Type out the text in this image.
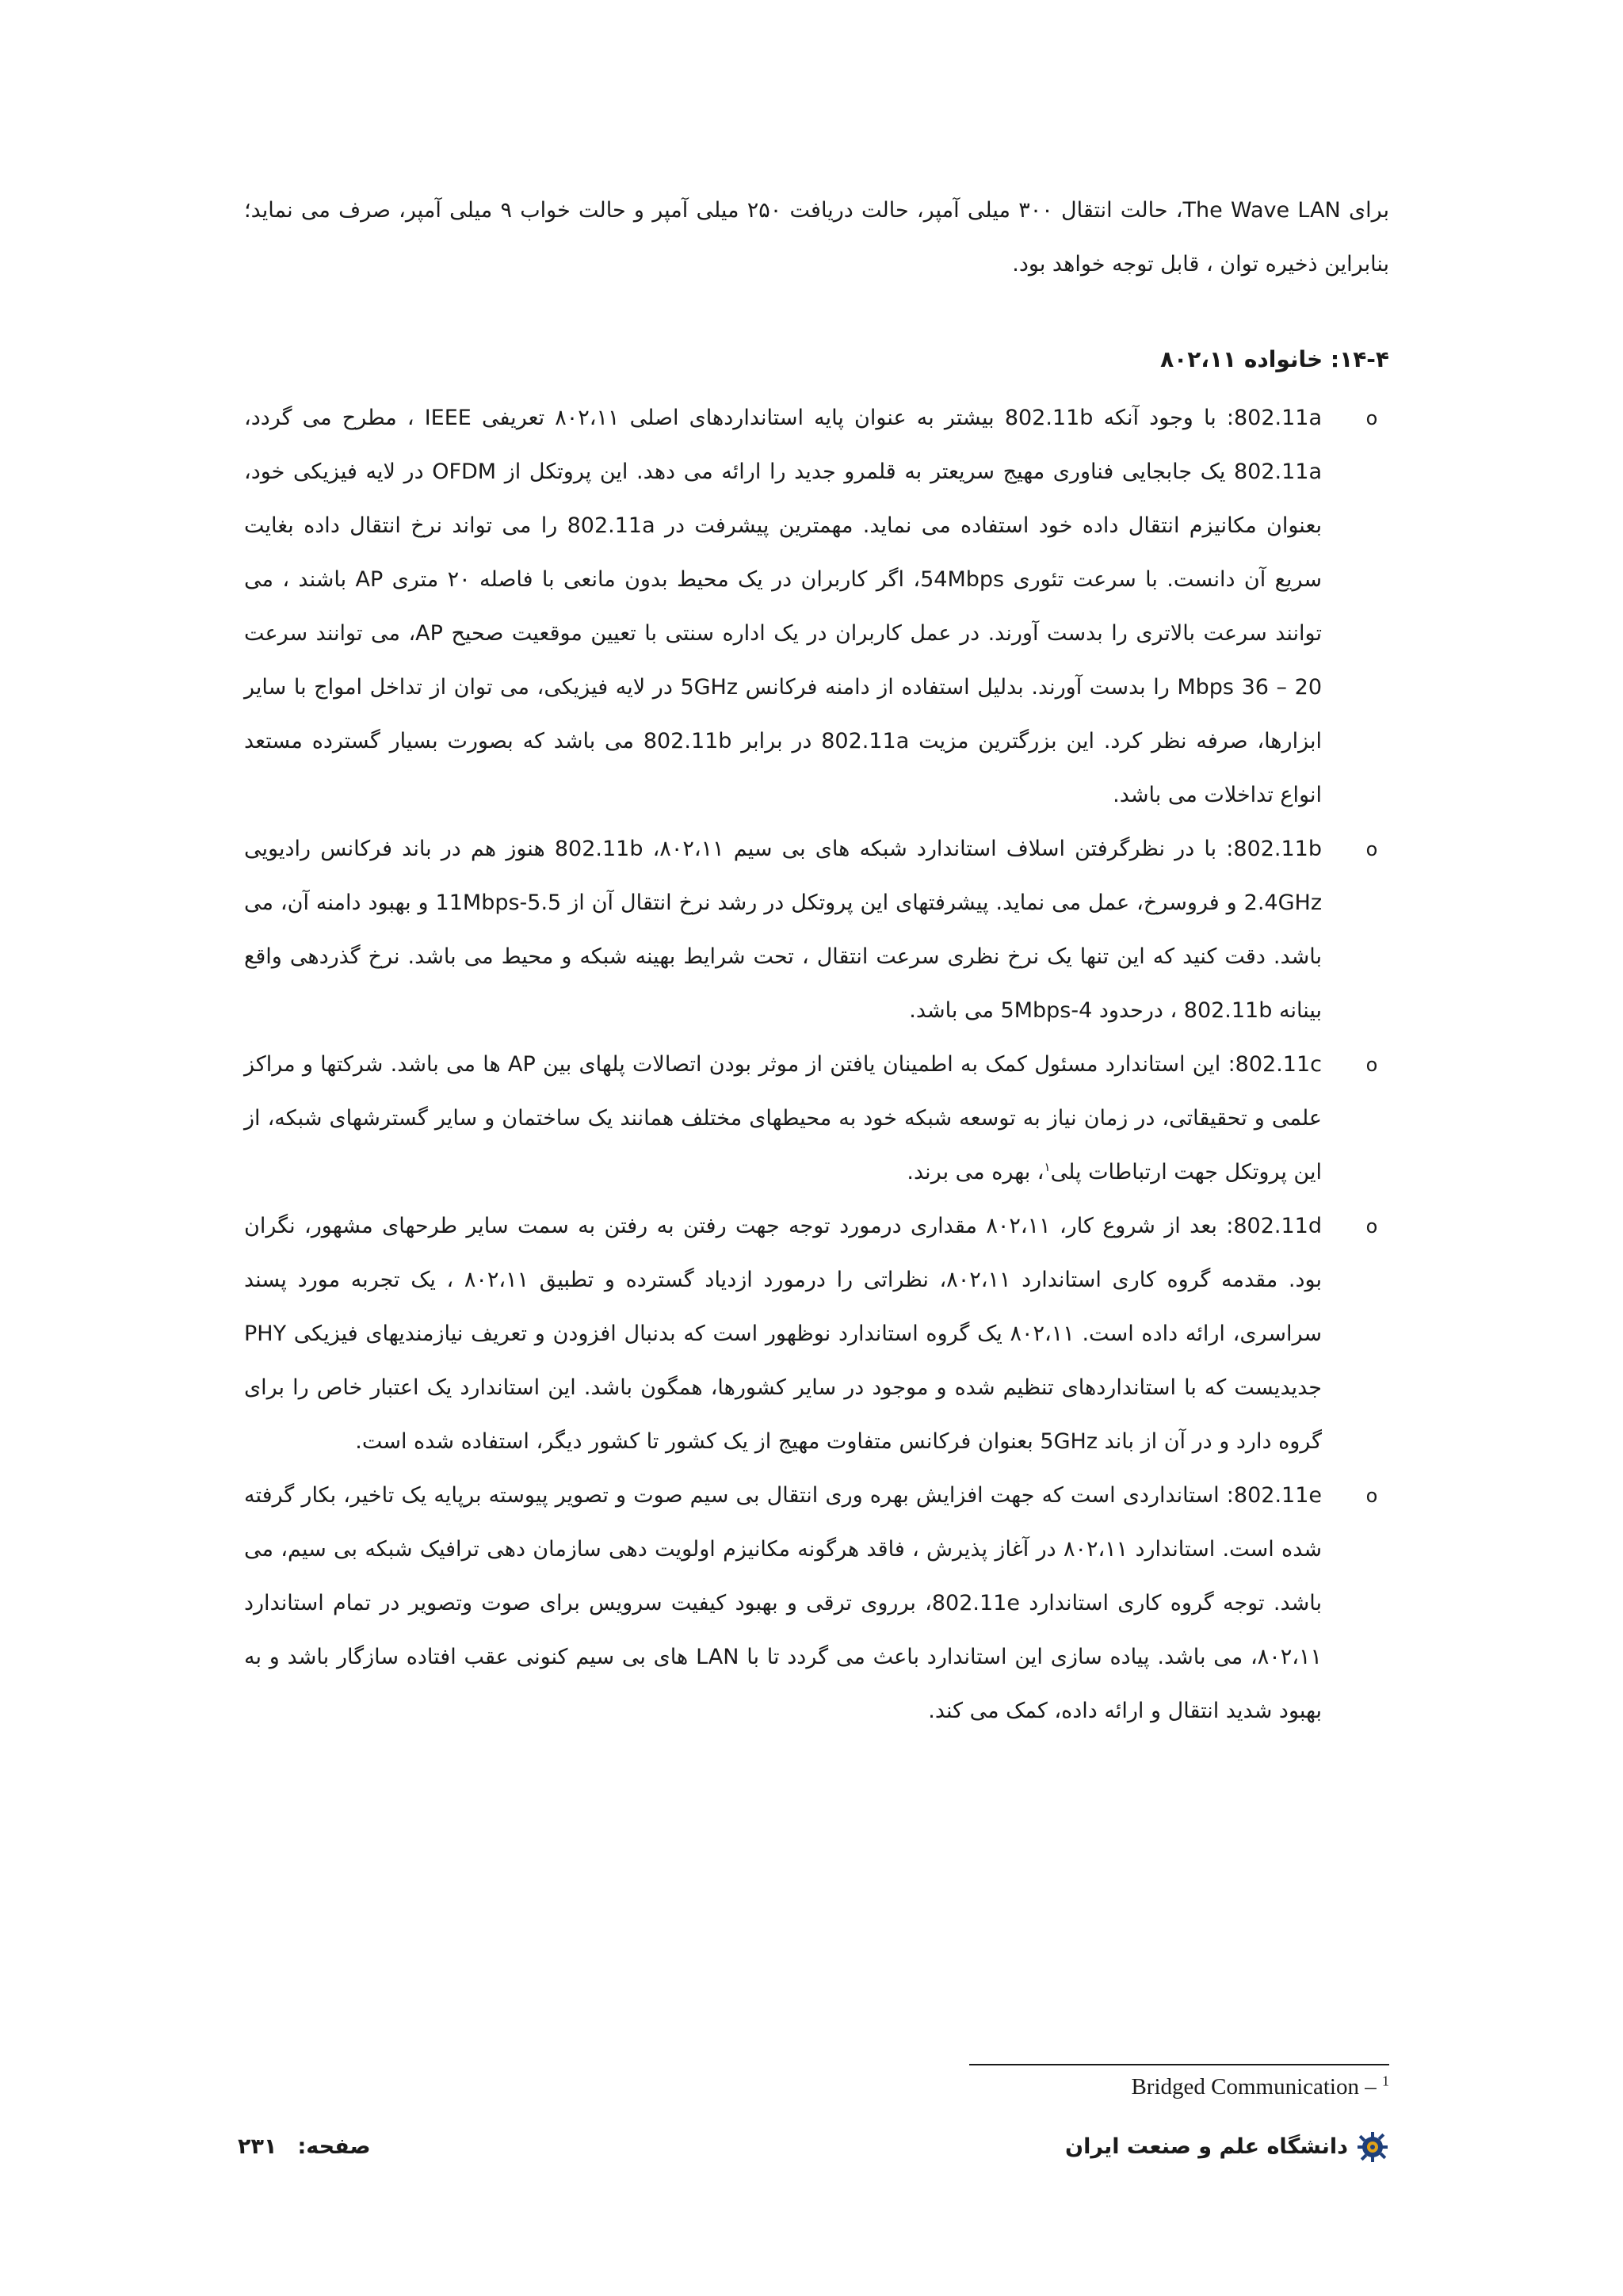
برای The Wave LAN، حالت انتقال ۳۰۰ میلی آمپر، حالت دریافت ۲۵۰ میلی آمپر و حالت خواب ۹ میلی آمپر، صرف می نماید؛ بنابراین ذخیره توان ، قابل توجه خواهد بود.

۱۴-۴: خانواده ۸۰۲،۱۱
o
802.11a: با وجود آنکه 802.11b بیشتر به عنوان پایه استانداردهای اصلی ۸۰۲،۱۱ تعریفی IEEE ، مطرح می گردد، 802.11a یک جابجایی فناوری مهیج سریعتر به قلمرو جدید را ارائه می دهد. این پروتکل از OFDM در لایه فیزیکی خود، بعنوان مکانیزم انتقال داده خود استفاده می نماید. مهمترین پیشرفت در 802.11a را می تواند نرخ انتقال داده بغایت سریع آن دانست. با سرعت تئوری 54Mbps، اگر کاربران در یک محیط بدون مانعی با فاصله ۲۰ متری AP باشند ، می توانند سرعت بالاتری را بدست آورند. در عمل کاربران در یک اداره سنتی با تعیین موقعیت صحیح AP، می توانند سرعت 20 – 36 Mbps را بدست آورند. بدلیل استفاده از دامنه فرکانس 5GHz در لایه فیزیکی، می توان از تداخل امواج با سایر ابزارها، صرفه نظر کرد. این بزرگترین مزیت 802.11a در برابر 802.11b می باشد که بصورت بسیار گسترده مستعد انواع تداخلات می باشد.
o
802.11b: با در نظرگرفتن اسلاف استاندارد شبکه های بی سیم ۸۰۲،۱۱، 802.11b هنوز هم در باند فرکانس رادیویی 2.4GHz و فروسرخ، عمل می نماید. پیشرفتهای این پروتکل در رشد نرخ انتقال آن از 5.5-11Mbps و بهبود دامنه آن، می باشد. دقت کنید که این تنها یک نرخ نظری سرعت انتقال ، تحت شرایط بهینه شبکه و محیط می باشد. نرخ گذردهی واقع بینانه 802.11b ، درحدود 4-5Mbps می باشد.
o
802.11c: این استاندارد مسئول کمک به اطمینان یافتن از موثر بودن اتصالات پلهای بین AP ها می باشد. شرکتها و مراکز علمی و تحقیقاتی، در زمان نیاز به توسعه شبکه خود به محیطهای مختلف همانند یک ساختمان و سایر گسترشهای شبکه، از این پروتکل جهت ارتباطات پلی$^۱$، بهره می برند.
o
802.11d: بعد از شروع کار، ۸۰۲،۱۱ مقداری درمورد توجه جهت رفتن به رفتن به سمت سایر طرحهای مشهور، نگران بود. مقدمه گروه کاری استاندارد ۸۰۲،۱۱، نظراتی را درمورد ازدیاد گسترده و تطبیق ۸۰۲،۱۱ ، یک تجربه مورد پسند سراسری، ارائه داده است. ۸۰۲،۱۱ یک گروه استاندارد نوظهور است که بدنبال افزودن و تعریف نیازمندیهای فیزیکی PHY جدیدیست که با استانداردهای تنظیم شده و موجود در سایر کشورها، همگون باشد. این استاندارد یک اعتبار خاص را برای گروه دارد و در آن از باند 5GHz بعنوان فرکانس متفاوت مهیج از یک کشور تا کشور دیگر، استفاده شده است.
o
802.11e: استانداردی است که جهت افزایش بهره وری انتقال بی سیم صوت و تصویر پیوسته برپایه یک تاخیر، بکار گرفته شده است. استاندارد ۸۰۲،۱۱ در آغاز پذیرش ، فاقد هرگونه مکانیزم اولویت دهی سازمان دهی ترافیک شبکه بی سیم، می باشد. توجه گروه کاری استاندارد 802.11e، برروی ترقی و بهبود کیفیت سرویس برای صوت وتصویر در تمام استاندارد ۸۰۲،۱۱، می باشد. پیاده سازی این استاندارد باعث می گردد تا با LAN های بی سیم کنونی عقب افتاده سازگار باشد و به بهبود شدید انتقال و ارائه داده، کمک می کند.
Bridged Communication – $^1$
دانشگاه علم و صنعت ایران
صفحه:
۲۳۱
